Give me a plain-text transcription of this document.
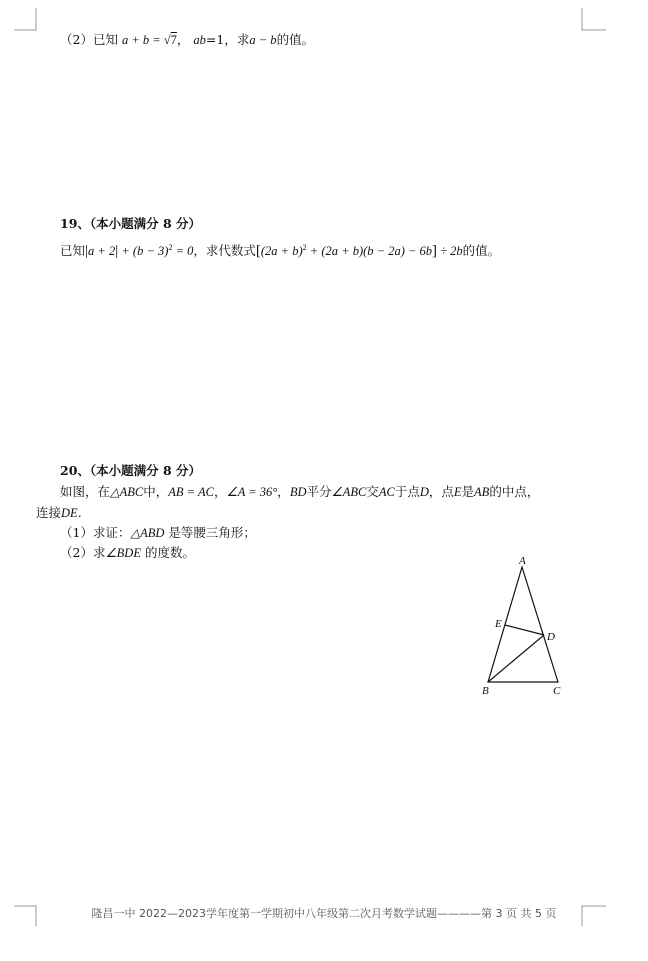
（2）已知 a + b = √7， ab=1，求a − b的值。
19、（本小题满分 8 分）
已知$|a + 2| + (b - 3)^2 = 0$，求代数式$[(2a + b)^2 + (2a + b)(b - 2a) - 6b] \div 2b$的值。
20、（本小题满分 8 分）
如图，在△ABC中，AB = AC，∠A = 36°，BD平分∠ABC交AC于点D，点E是AB的中点，
连接DE.
（1）求证：△ABD 是等腰三角形；
（2）求∠BDE 的度数。
A
B	C
D
E
隆昌一中 2022—2023学年度第一学期初中八年级第二次月考数学试题————第 3 页 共 5 页
